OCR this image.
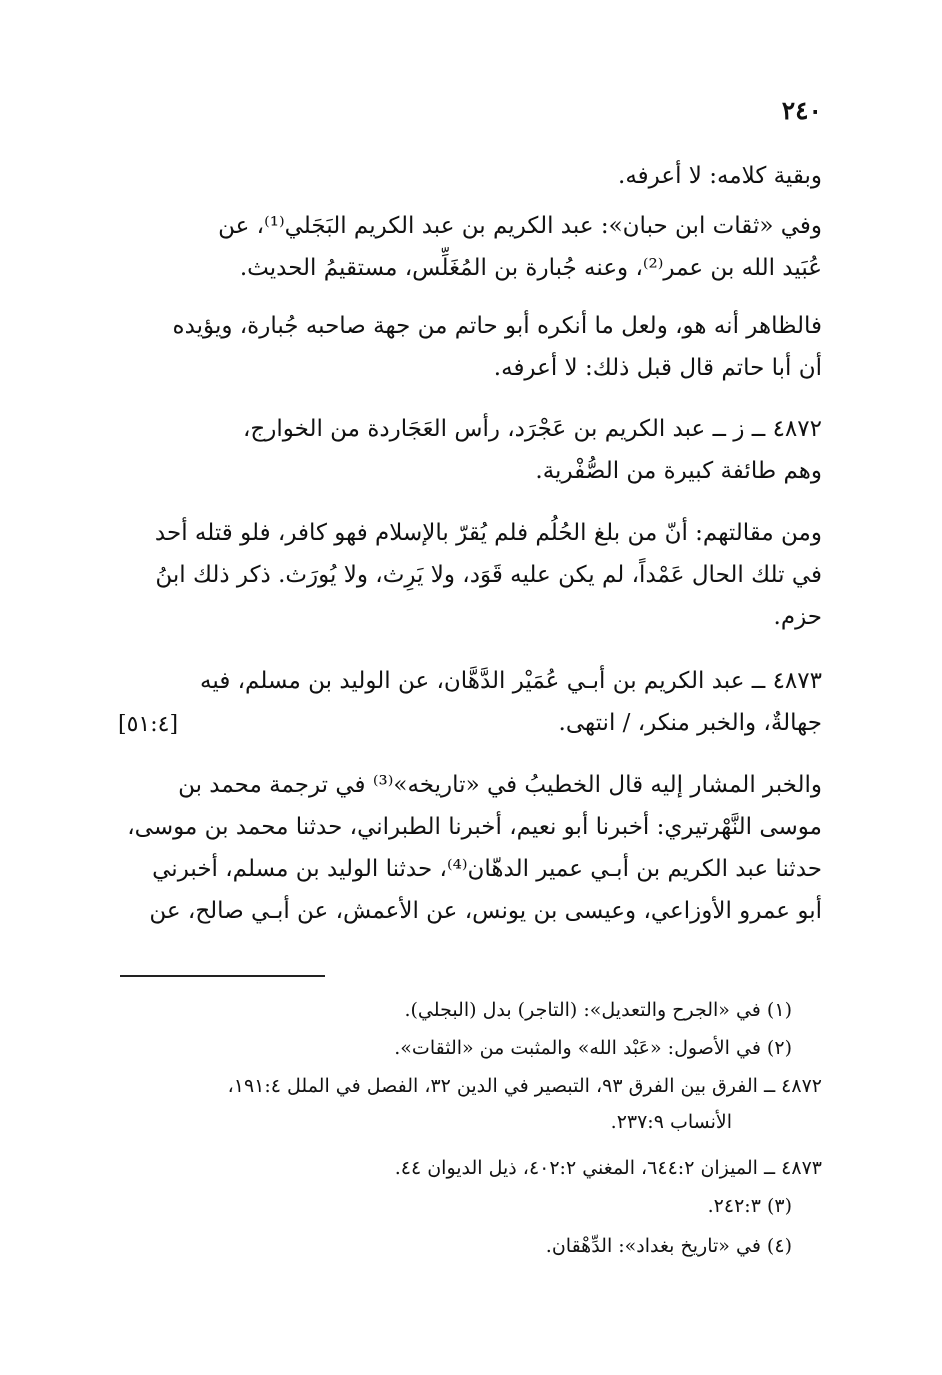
٢٤٠
وبقية كلامه: لا أعرفه.
وفي «ثقات ابن حبان»: عبد الكريم بن عبد الكريم البَجَلي⁽¹⁾، عن
عُبَيد الله بن عمر⁽²⁾، وعنه جُبارة بن المُغَلِّس، مستقيمُ الحديث.
فالظاهر أنه هو، ولعل ما أنكره أبو حاتم من جهة صاحبه جُبارة، ويؤيده
أن أبا حاتم قال قبل ذلك: لا أعرفه.
٤٨٧٢ ــ ز ــ عبد الكريم بن عَجْرَد، رأس العَجَاردة من الخوارج،
وهم طائفة كبيرة من الصُّفْرية.
ومن مقالتهم: أنّ من بلغ الحُلُم فلم يُقرّ بالإسلام فهو كافر، فلو قتله أحد
في تلك الحال عَمْداً، لم يكن عليه قَوَد، ولا يَرِث، ولا يُورَث. ذكر ذلك ابنُ
حزم.
٤٨٧٣ ــ عبد الكريم بن أبـي عُمَيْر الدَّهَّان، عن الوليد بن مسلم، فيه
جهالةٌ، والخبر منكر، / انتهى.
[٥١:٤]
والخبر المشار إليه قال الخطيبُ في «تاريخه»⁽³⁾ في ترجمة محمد بن
موسى النَّهْرتيري: أخبرنا أبو نعيم، أخبرنا الطبراني، حدثنا محمد بن موسى،
حدثنا عبد الكريم بن أبـي عمير الدهّان⁽⁴⁾، حدثنا الوليد بن مسلم، أخبرني
أبو عمرو الأوزاعي، وعيسى بن يونس، عن الأعمش، عن أبـي صالح، عن
(١) في «الجرح والتعديل»: (التاجر) بدل (البجلي).
(٢) في الأصول: «عَبْد الله» والمثبت من «الثقات».
٤٨٧٢ ــ الفرق بين الفرق ٩٣، التبصير في الدين ٣٢، الفصل في الملل ١٩١:٤،
الأنساب ٢٣٧:٩.
٤٨٧٣ ــ الميزان ٦٤٤:٢، المغني ٤٠٢:٢، ذيل الديوان ٤٤.
(٣) ٢٤٢:٣.
(٤) في «تاريخ بغداد»: الدِّهْقان.
